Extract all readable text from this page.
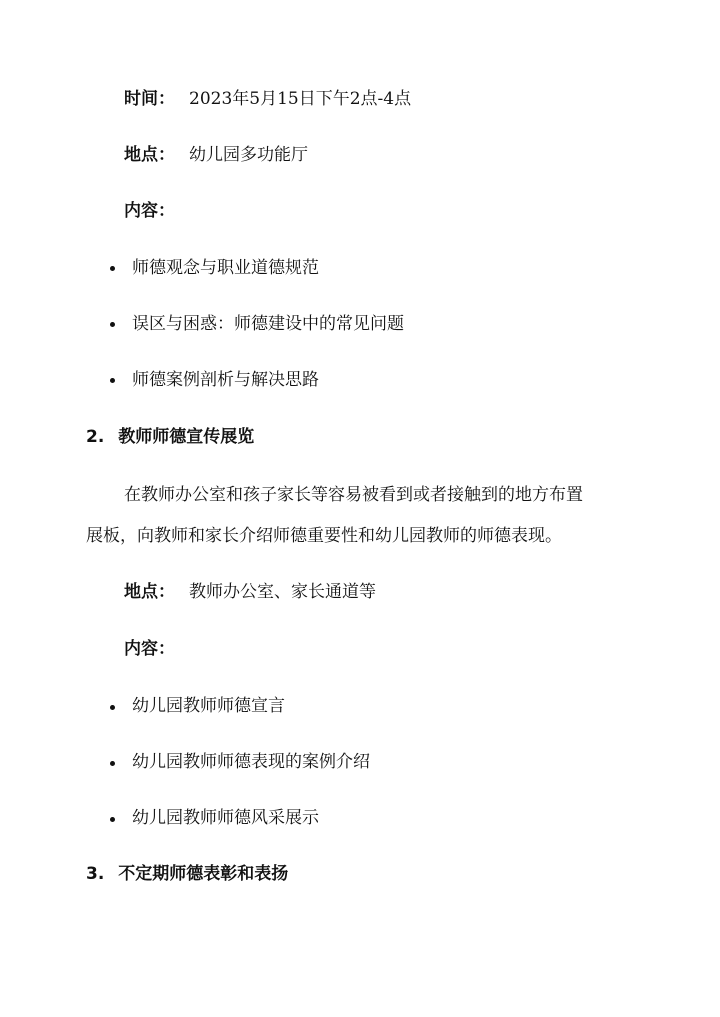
时间： 2023年5月15日下午2点-4点
地点： 幼儿园多功能厅
内容：
师德观念与职业道德规范
误区与困惑：师德建设中的常见问题
师德案例剖析与解决思路
2. 教师师德宣传展览
在教师办公室和孩子家长等容易被看到或者接触到的地方布置
展板，向教师和家长介绍师德重要性和幼儿园教师的师德表现。
地点： 教师办公室、家长通道等
内容：
幼儿园教师师德宣言
幼儿园教师师德表现的案例介绍
幼儿园教师师德风采展示
3. 不定期师德表彰和表扬
